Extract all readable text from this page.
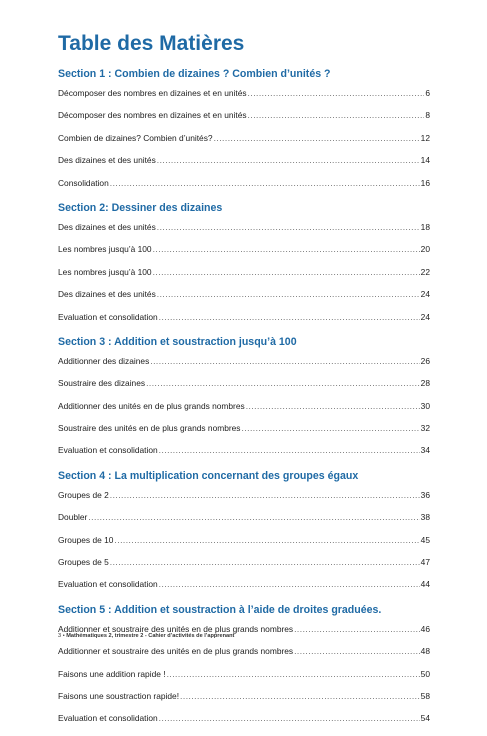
Table des Matières
Section 1 : Combien de dizaines ? Combien d’unités ?
Décomposer des nombres en dizaines et en unités .....	6
Décomposer des nombres en dizaines et en unités .....	8
Combien de dizaines? Combien d’unités? .....	12
Des dizaines et des unités .....	14
Consolidation .....	16
Section 2: Dessiner des dizaines
Des dizaines et des unités .....	18
Les nombres jusqu’à 100 .....	20
Les nombres jusqu’à 100 .....	22
Des dizaines et des unités .....	24
Evaluation et consolidation .....	24
Section 3 : Addition et soustraction jusqu’à 100
Additionner des dizaines .....	26
Soustraire des dizaines .....	28
Additionner des unités en de plus grands nombres .....	30
Soustraire des unités en de plus grands nombres .....	32
Evaluation et consolidation .....	34
Section 4 : La multiplication concernant des groupes égaux
Groupes de 2 .....	36
Doubler .....	38
Groupes de 10 .....	45
Groupes de 5 .....	47
Evaluation et consolidation .....	44
Section 5 : Addition et soustraction à l’aide de droites graduées.
Additionner et soustraire des unités en de plus grands nombres .....	46
Additionner et soustraire des unités en de plus grands nombres .....	48
Faisons une addition rapide ! .....	50
Faisons une soustraction rapide! .....	58
Evaluation et consolidation .....	54
3 • Mathématiques 2, trimestre 2 - Cahier d’activités de l’apprenant
